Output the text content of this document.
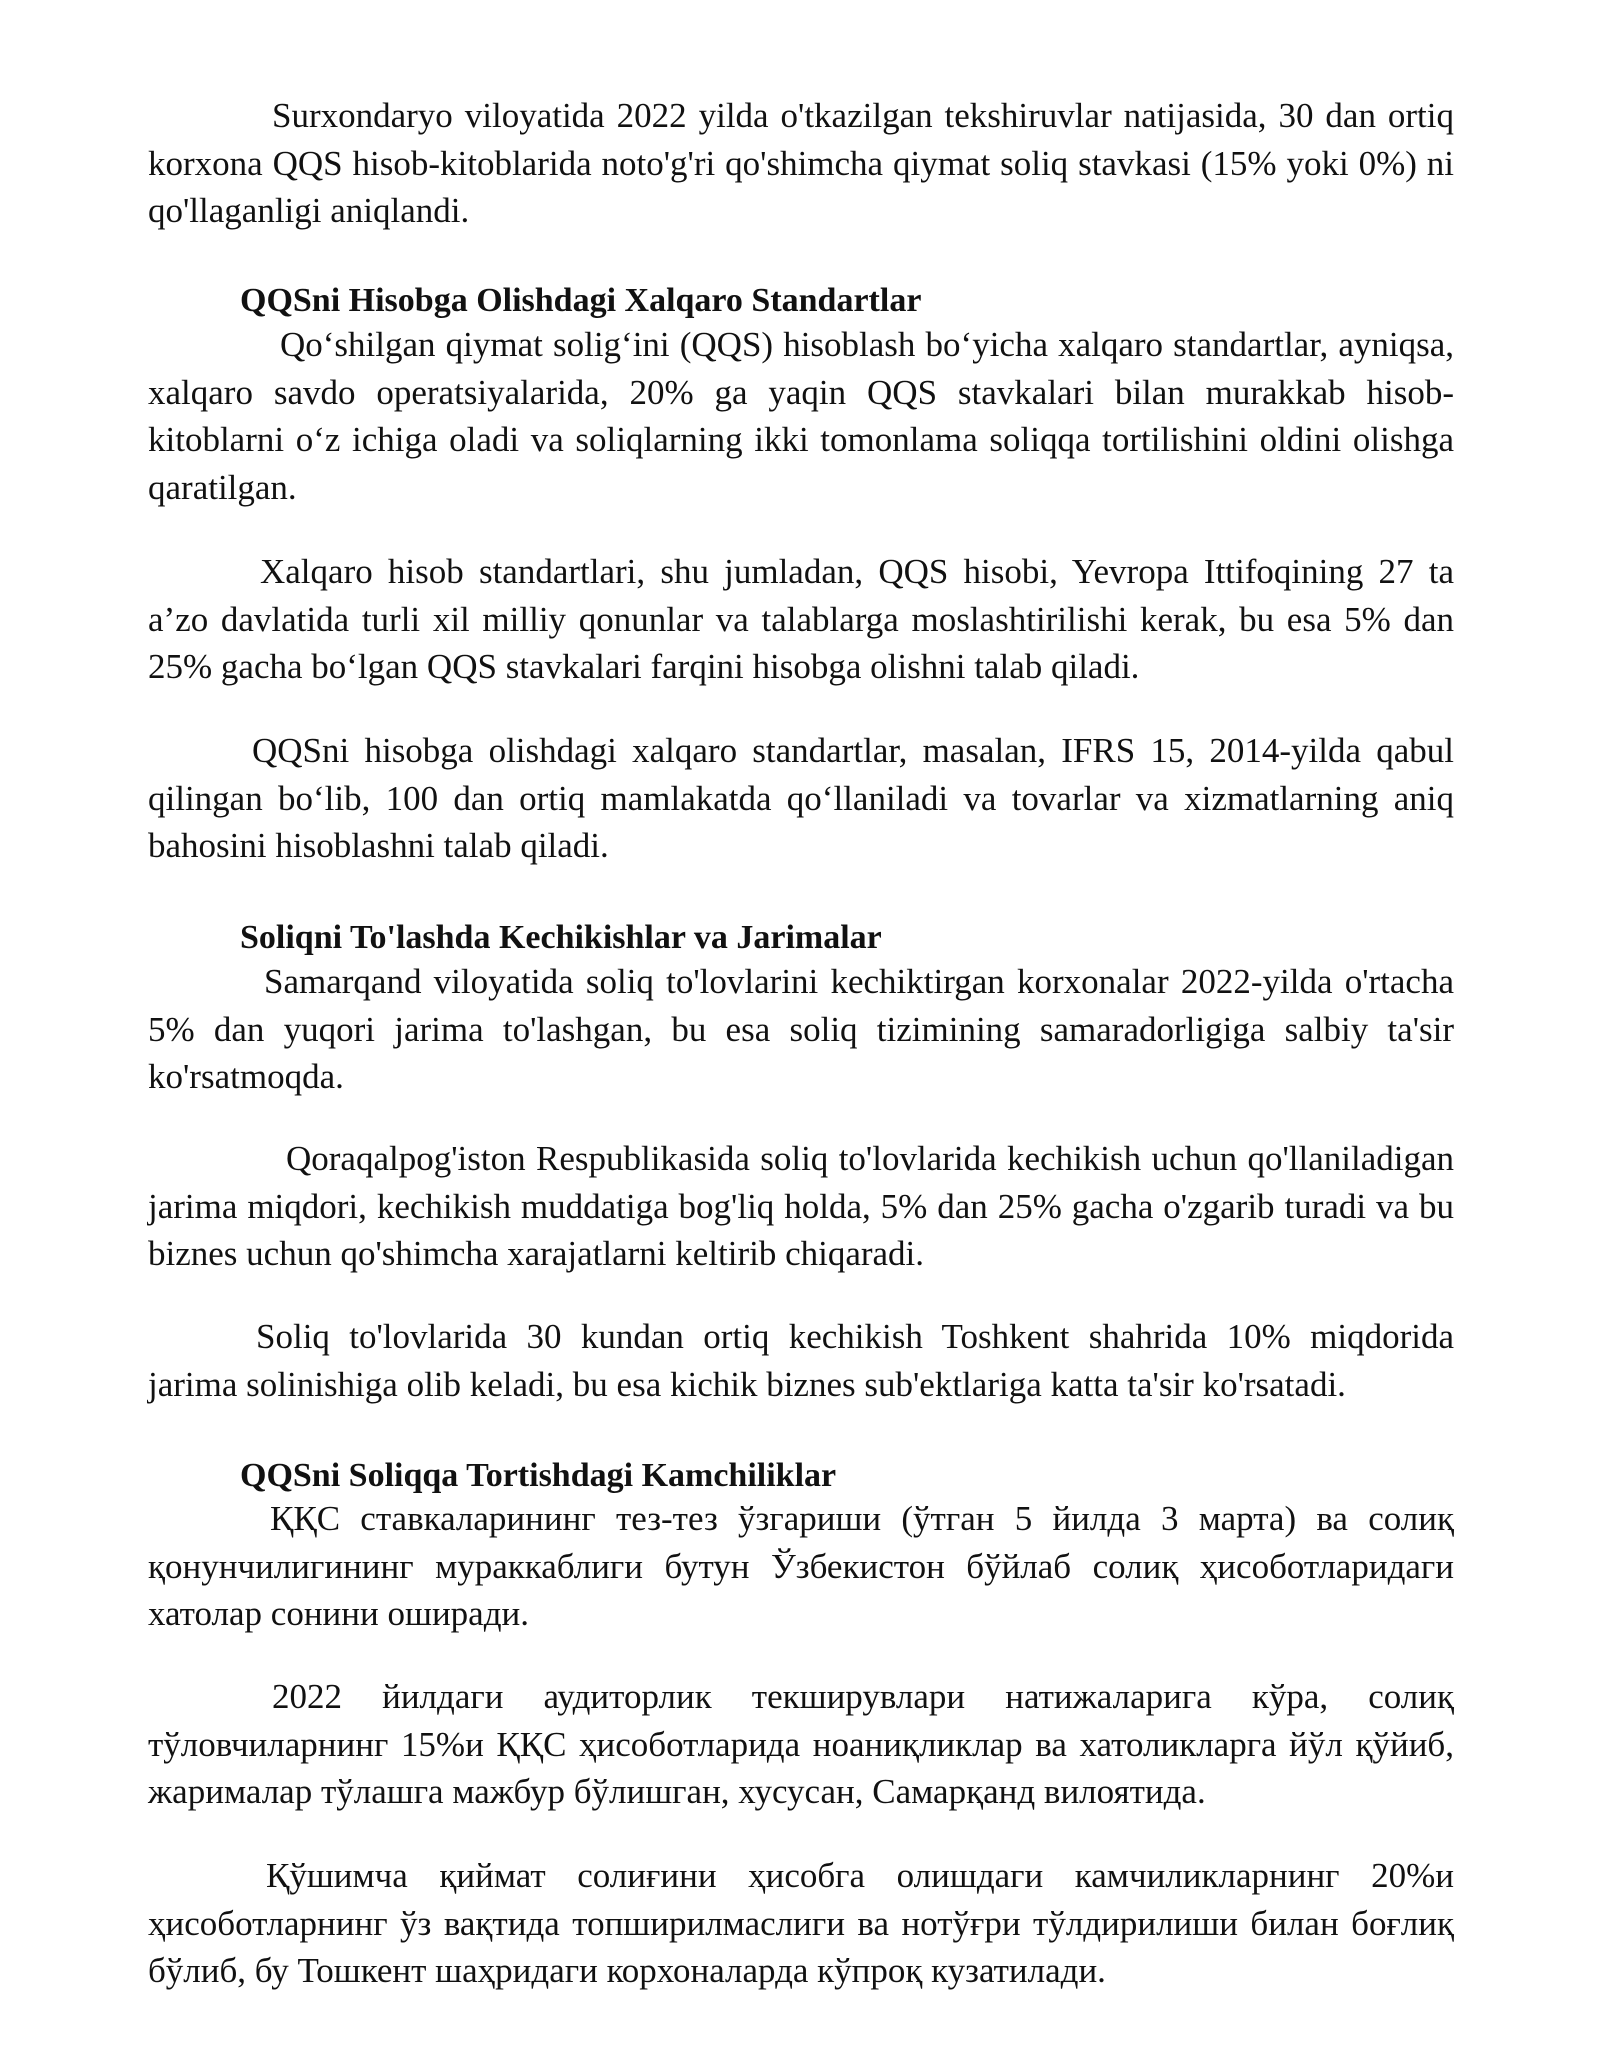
Surxondaryo viloyatida 2022 yilda o'tkazilgan tekshiruvlar natijasida, 30 dan ortiq korxona QQS hisob-kitoblarida noto'g'ri qo'shimcha qiymat soliq stavkasi (15% yoki 0%) ni qo'llaganligi aniqlandi.

QQSni Hisobga Olishdagi Xalqaro Standartlar

Qo‘shilgan qiymat solig‘ini (QQS) hisoblash bo‘yicha xalqaro standartlar, ayniqsa, xalqaro savdo operatsiyalarida, 20% ga yaqin QQS stavkalari bilan murakkab hisob-kitoblarni o‘z ichiga oladi va soliqlarning ikki tomonlama soliqqa tortilishini oldini olishga qaratilgan.

Xalqaro hisob standartlari, shu jumladan, QQS hisobi, Yevropa Ittifoqining 27 ta a’zo davlatida turli xil milliy qonunlar va talablarga moslashtirilishi kerak, bu esa 5% dan 25% gacha bo‘lgan QQS stavkalari farqini hisobga olishni talab qiladi.

QQSni hisobga olishdagi xalqaro standartlar, masalan, IFRS 15, 2014-yilda qabul qilingan bo‘lib, 100 dan ortiq mamlakatda qo‘llaniladi va tovarlar va xizmatlarning aniq bahosini hisoblashni talab qiladi.

Soliqni To'lashda Kechikishlar va Jarimalar

Samarqand viloyatida soliq to'lovlarini kechiktirgan korxonalar 2022-yilda o'rtacha 5% dan yuqori jarima to'lashgan, bu esa soliq tizimining samaradorligiga salbiy ta'sir ko'rsatmoqda.

Qoraqalpog'iston Respublikasida soliq to'lovlarida kechikish uchun qo'llaniladigan jarima miqdori, kechikish muddatiga bog'liq holda, 5% dan 25% gacha o'zgarib turadi va bu biznes uchun qo'shimcha xarajatlarni keltirib chiqaradi.

Soliq to'lovlarida 30 kundan ortiq kechikish Toshkent shahrida 10% miqdorida jarima solinishiga olib keladi, bu esa kichik biznes sub'ektlariga katta ta'sir ko'rsatadi.

QQSni Soliqqa Tortishdagi Kamchiliklar

ҚҚС ставкаларининг тез-тез ўзгариши (ўтган 5 йилда 3 марта) ва солиқ қонунчилигининг мураккаблиги бутун Ўзбекистон бўйлаб солиқ ҳисоботларидаги хатолар сонини оширади.

2022 йилдаги аудиторлик текширувлари натижаларига кўра, солиқ тўловчиларнинг 15%и ҚҚС ҳисоботларида ноаниқликлар ва хатоликларга йўл қўйиб, жарималар тўлашга мажбур бўлишган, хусусан, Самарқанд вилоятида.

Қўшимча қиймат солиғини ҳисобга олишдаги камчиликларнинг 20%и ҳисоботларнинг ўз вақтида топширилмаслиги ва нотўғри тўлдирилиши билан боғлиқ бўлиб, бу Тошкент шаҳридаги корхоналарда кўпроқ кузатилади.
